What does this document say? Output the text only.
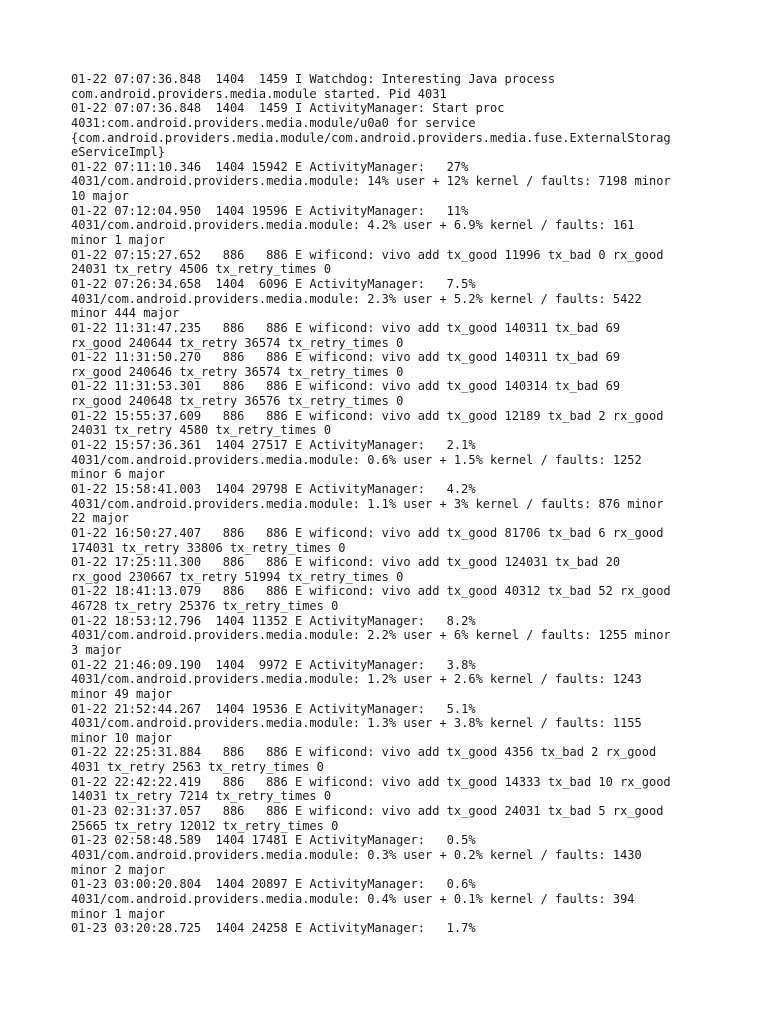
01-22 07:07:36.848  1404  1459 I Watchdog: Interesting Java process
com.android.providers.media.module started. Pid 4031
01-22 07:07:36.848  1404  1459 I ActivityManager: Start proc
4031:com.android.providers.media.module/u0a0 for service
{com.android.providers.media.module/com.android.providers.media.fuse.ExternalStorag
eServiceImpl}
01-22 07:11:10.346  1404 15942 E ActivityManager:   27%
4031/com.android.providers.media.module: 14% user + 12% kernel / faults: 7198 minor
10 major
01-22 07:12:04.950  1404 19596 E ActivityManager:   11%
4031/com.android.providers.media.module: 4.2% user + 6.9% kernel / faults: 161
minor 1 major
01-22 07:15:27.652   886   886 E wificond: vivo add tx_good 11996 tx_bad 0 rx_good
24031 tx_retry 4506 tx_retry_times 0
01-22 07:26:34.658  1404  6096 E ActivityManager:   7.5%
4031/com.android.providers.media.module: 2.3% user + 5.2% kernel / faults: 5422
minor 444 major
01-22 11:31:47.235   886   886 E wificond: vivo add tx_good 140311 tx_bad 69
rx_good 240644 tx_retry 36574 tx_retry_times 0
01-22 11:31:50.270   886   886 E wificond: vivo add tx_good 140311 tx_bad 69
rx_good 240646 tx_retry 36574 tx_retry_times 0
01-22 11:31:53.301   886   886 E wificond: vivo add tx_good 140314 tx_bad 69
rx_good 240648 tx_retry 36576 tx_retry_times 0
01-22 15:55:37.609   886   886 E wificond: vivo add tx_good 12189 tx_bad 2 rx_good
24031 tx_retry 4580 tx_retry_times 0
01-22 15:57:36.361  1404 27517 E ActivityManager:   2.1%
4031/com.android.providers.media.module: 0.6% user + 1.5% kernel / faults: 1252
minor 6 major
01-22 15:58:41.003  1404 29798 E ActivityManager:   4.2%
4031/com.android.providers.media.module: 1.1% user + 3% kernel / faults: 876 minor
22 major
01-22 16:50:27.407   886   886 E wificond: vivo add tx_good 81706 tx_bad 6 rx_good
174031 tx_retry 33806 tx_retry_times 0
01-22 17:25:11.300   886   886 E wificond: vivo add tx_good 124031 tx_bad 20
rx_good 230667 tx_retry 51994 tx_retry_times 0
01-22 18:41:13.079   886   886 E wificond: vivo add tx_good 40312 tx_bad 52 rx_good
46728 tx_retry 25376 tx_retry_times 0
01-22 18:53:12.796  1404 11352 E ActivityManager:   8.2%
4031/com.android.providers.media.module: 2.2% user + 6% kernel / faults: 1255 minor
3 major
01-22 21:46:09.190  1404  9972 E ActivityManager:   3.8%
4031/com.android.providers.media.module: 1.2% user + 2.6% kernel / faults: 1243
minor 49 major
01-22 21:52:44.267  1404 19536 E ActivityManager:   5.1%
4031/com.android.providers.media.module: 1.3% user + 3.8% kernel / faults: 1155
minor 10 major
01-22 22:25:31.884   886   886 E wificond: vivo add tx_good 4356 tx_bad 2 rx_good
4031 tx_retry 2563 tx_retry_times 0
01-22 22:42:22.419   886   886 E wificond: vivo add tx_good 14333 tx_bad 10 rx_good
14031 tx_retry 7214 tx_retry_times 0
01-23 02:31:37.057   886   886 E wificond: vivo add tx_good 24031 tx_bad 5 rx_good
25665 tx_retry 12012 tx_retry_times 0
01-23 02:58:48.589  1404 17481 E ActivityManager:   0.5%
4031/com.android.providers.media.module: 0.3% user + 0.2% kernel / faults: 1430
minor 2 major
01-23 03:00:20.804  1404 20897 E ActivityManager:   0.6%
4031/com.android.providers.media.module: 0.4% user + 0.1% kernel / faults: 394
minor 1 major
01-23 03:20:28.725  1404 24258 E ActivityManager:   1.7%
